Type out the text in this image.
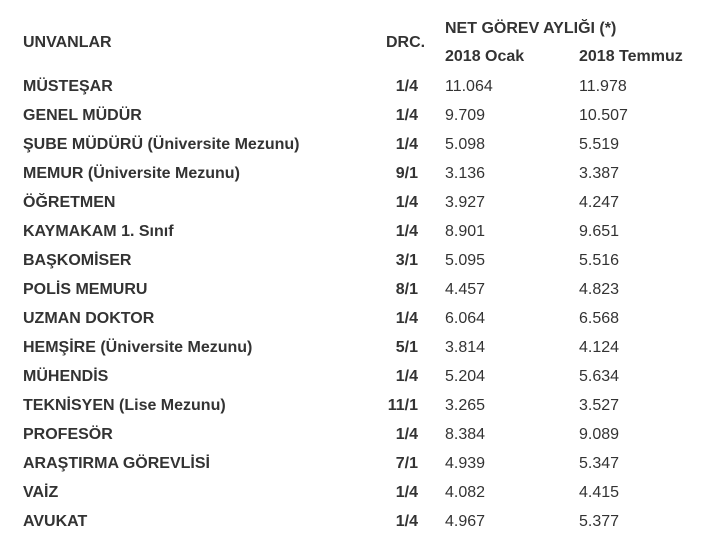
UNVANLAR	DRC.
NET GÖREV AYLIĞI (*)
2018 Ocak	2018 Temmuz
MÜSTEŞAR	1/4 11.064	11.978
GENEL MÜDÜR	1/4 9.709	10.507
ŞUBE MÜDÜRÜ (Üniversite Mezunu)	1/4 5.098	5.519
MEMUR (Üniversite Mezunu)	9/1 3.136	3.387
ÖĞRETMEN	1/4 3.927	4.247
KAYMAKAM 1. Sınıf	1/4 8.901	9.651
BAŞKOMİSER	3/1 5.095	5.516
POLİS MEMURU	8/1 4.457	4.823
UZMAN DOKTOR	1/4 6.064	6.568
HEMŞİRE (Üniversite Mezunu)	5/1 3.814	4.124
MÜHENDİS	1/4 5.204	5.634
TEKNİSYEN (Lise Mezunu)	11/1 3.265	3.527
PROFESÖR	1/4 8.384	9.089
ARAŞTIRMA GÖREVLİSİ	7/1 4.939	5.347
VAİZ	1/4 4.082	4.415
AVUKAT	1/4 4.967	5.377
